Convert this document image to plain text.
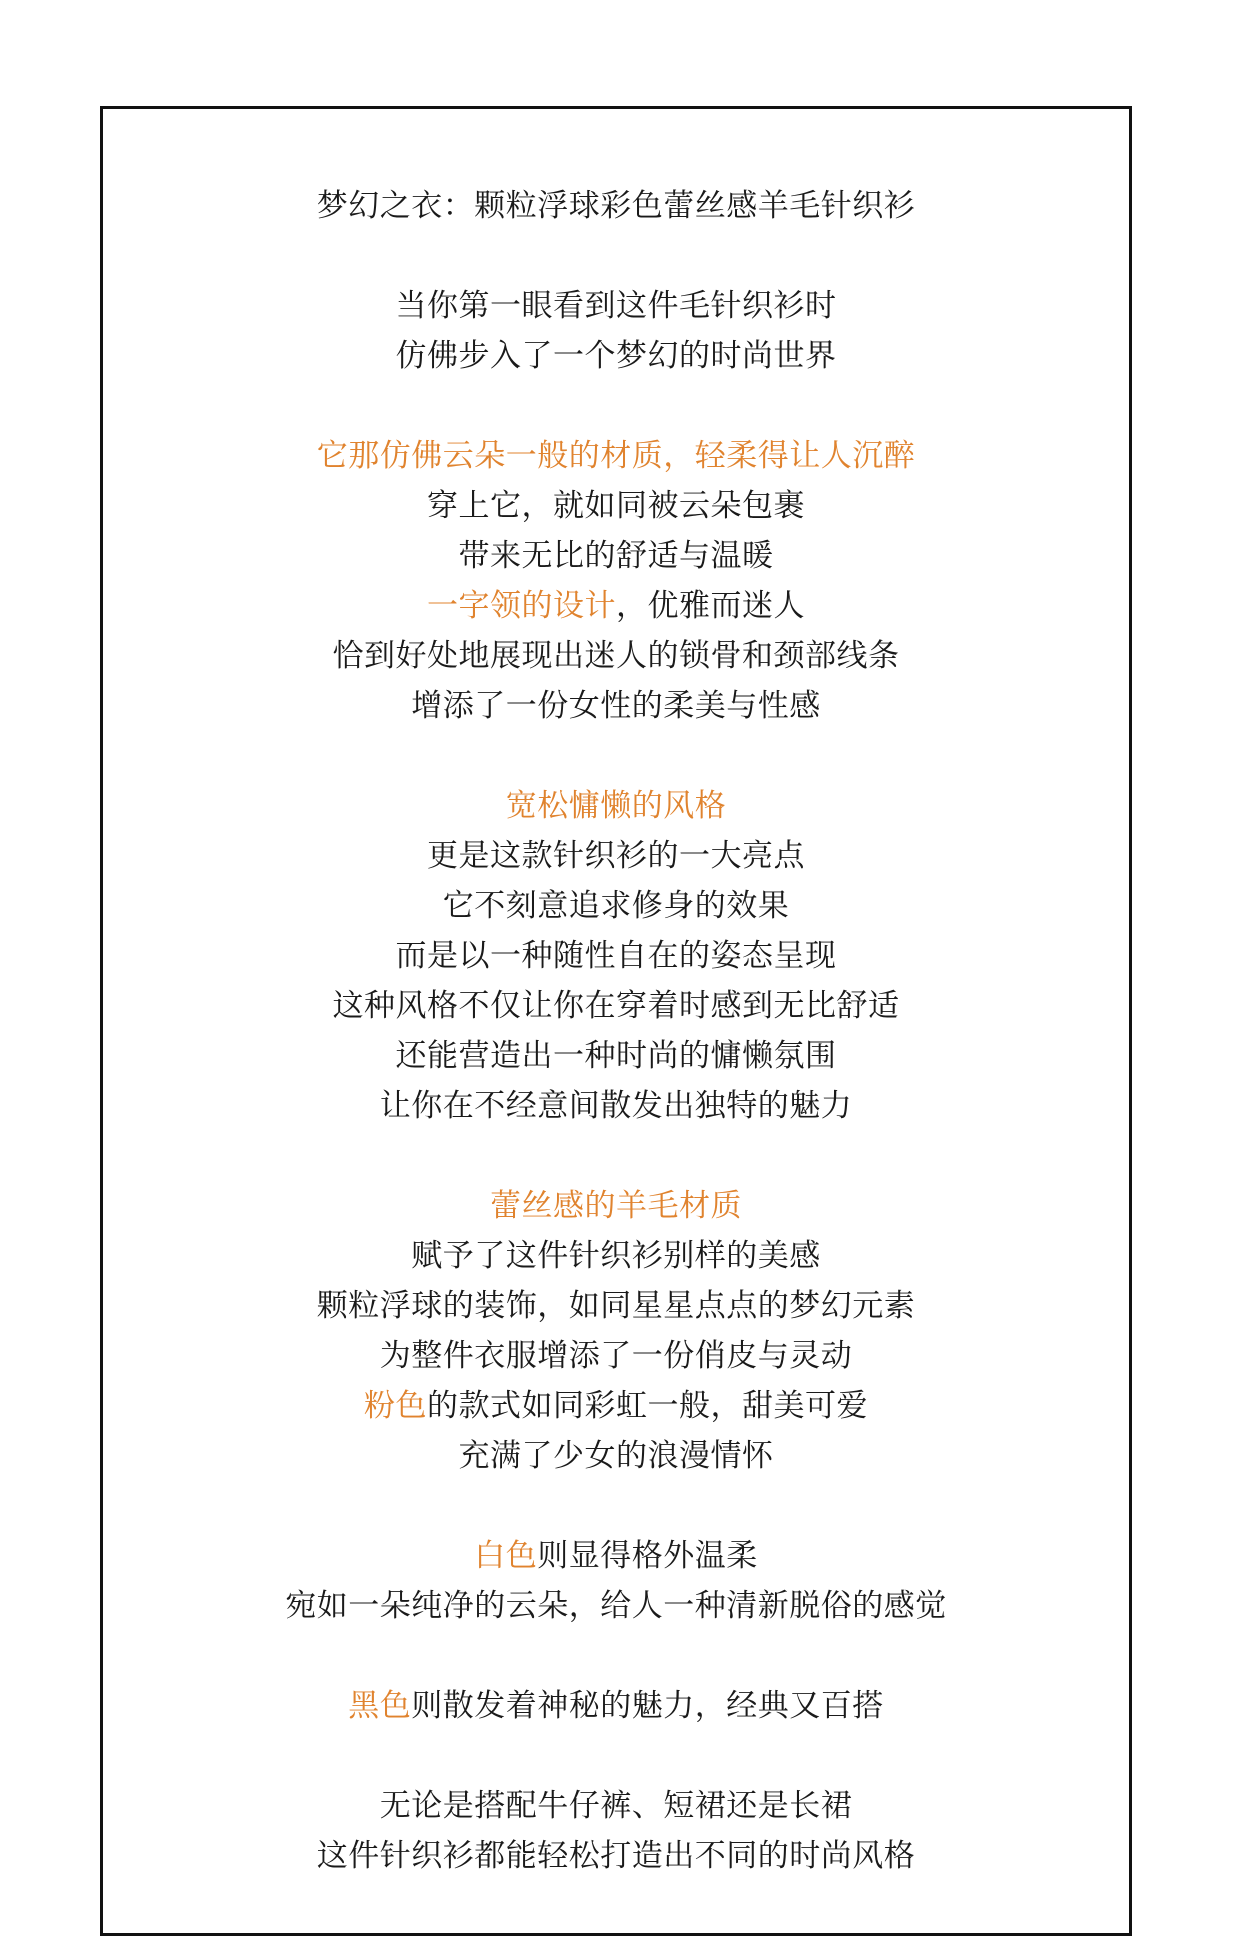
梦幻之衣：颗粒浮球彩色蕾丝感羊毛针织衫
当你第一眼看到这件毛针织衫时
仿佛步入了一个梦幻的时尚世界
它那仿佛云朵一般的材质，轻柔得让人沉醉
穿上它，就如同被云朵包裹
带来无比的舒适与温暖
一字领的设计，优雅而迷人
恰到好处地展现出迷人的锁骨和颈部线条
增添了一份女性的柔美与性感
宽松慵懒的风格
更是这款针织衫的一大亮点
它不刻意追求修身的效果
而是以一种随性自在的姿态呈现
这种风格不仅让你在穿着时感到无比舒适
还能营造出一种时尚的慵懒氛围
让你在不经意间散发出独特的魅力
蕾丝感的羊毛材质
赋予了这件针织衫别样的美感
颗粒浮球的装饰，如同星星点点的梦幻元素
为整件衣服增添了一份俏皮与灵动
粉色的款式如同彩虹一般，甜美可爱
充满了少女的浪漫情怀
白色则显得格外温柔
宛如一朵纯净的云朵，给人一种清新脱俗的感觉
黑色则散发着神秘的魅力，经典又百搭
无论是搭配牛仔裤、短裙还是长裙
这件针织衫都能轻松打造出不同的时尚风格
